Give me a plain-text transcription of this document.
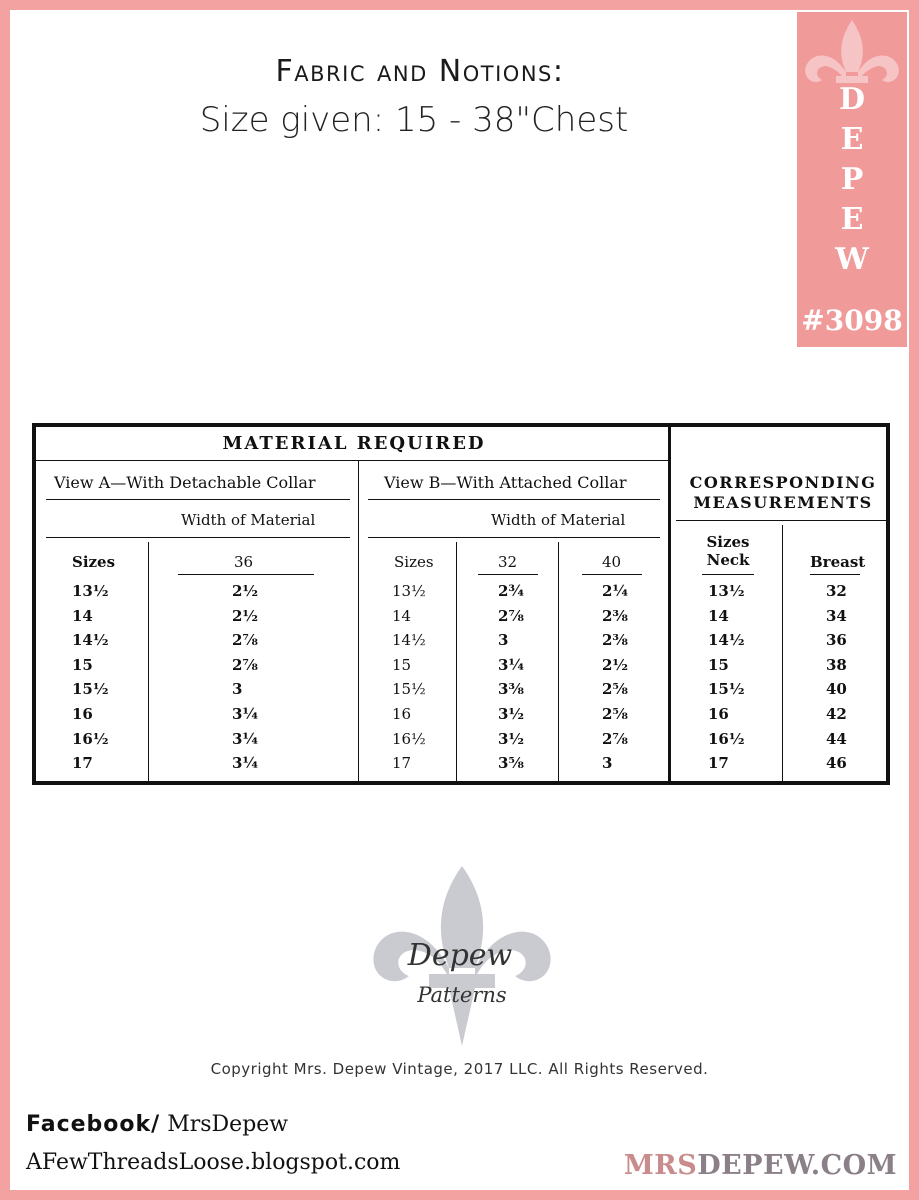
Fabric and Notions:
Size given: 15 - 38"Chest
D
E
P
E
W
#3098
MATERIAL REQUIRED
View A—With Detachable Collar	View B—With Attached Collar	CORRESPONDING
MEASUREMENTS
Width of Material	Width of Material
Sizes	36	Sizes	32	40
Sizes
Neck	Breast
13½	2½	13½	2¾	2¼	13½	32
14	2½	14	2⅞	2⅜	14	34
14½	2⅞	14½	3	2⅜	14½	36
15	2⅞	15	3¼	2½	15	38
15½	3	15½	3⅜	2⅝	15½	40
16	3¼	16	3½	2⅝	16	42
16½	3¼	16½	3½	2⅞	16½	44
17	3¼	17	3⅝	3	17	46
Depew
Patterns
Copyright Mrs. Depew Vintage, 2017 LLC. All Rights Reserved.
Facebook/ MrsDepew
AFewThreadsLoose.blogspot.com	MRSDEPEW.COM
